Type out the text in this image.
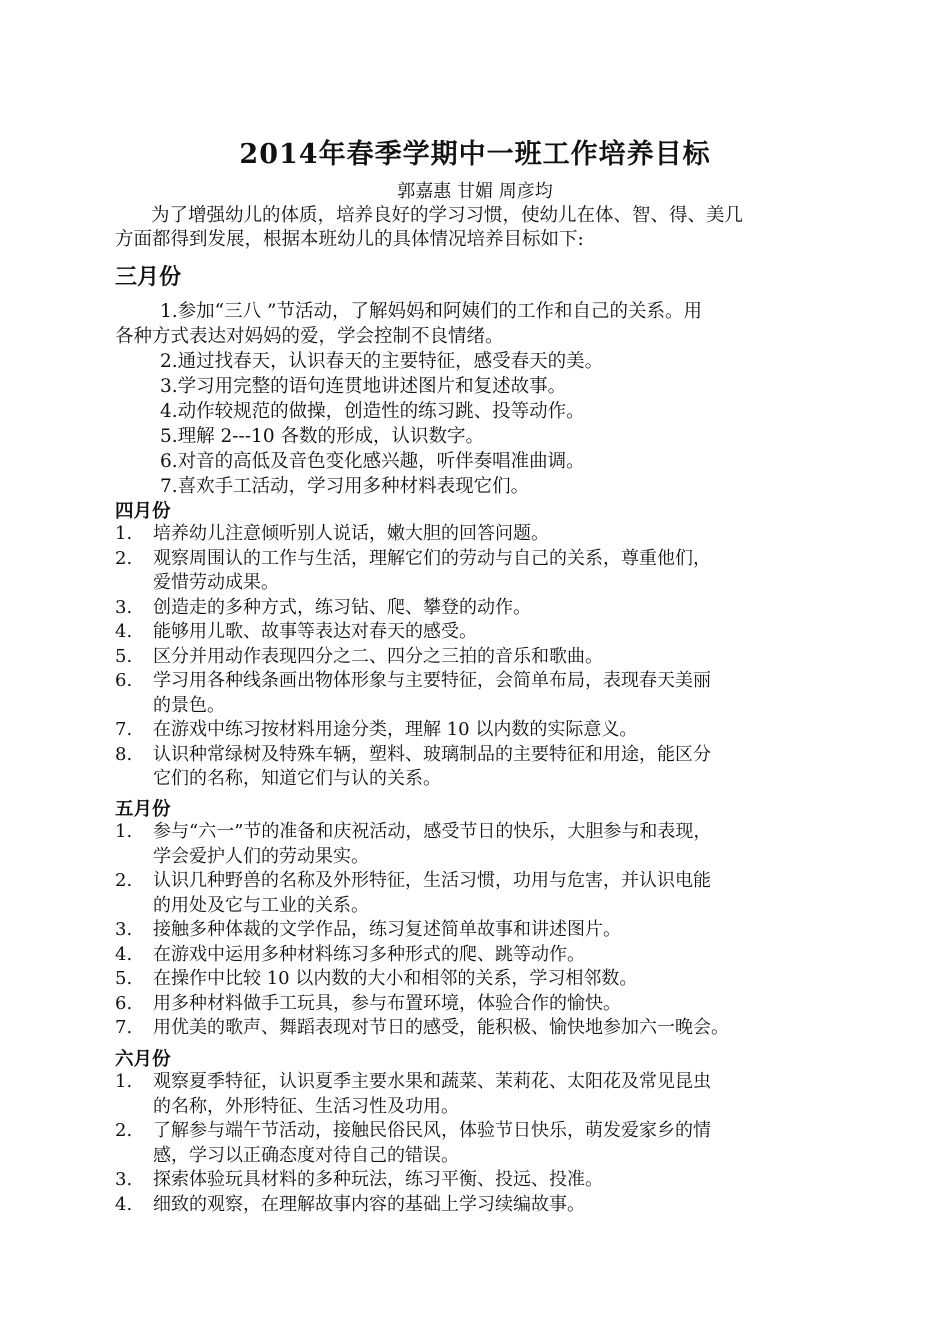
2014年春季学期中一班工作培养目标
郭嘉惠 甘媚 周彦均
为了增强幼儿的体质，培养良好的学习习惯，使幼儿在体、智、得、美几
方面都得到发展，根据本班幼儿的具体情况培养目标如下:
三月份
1.参加“三八 ”节活动，了解妈妈和阿姨们的工作和自己的关系。用
各种方式表达对妈妈的爱，学会控制不良情绪。
2.通过找春天，认识春天的主要特征，感受春天的美。
3.学习用完整的语句连贯地讲述图片和复述故事。
4.动作较规范的做操，创造性的练习跳、投等动作。
5.理解 2---10 各数的形成，认识数字。
6.对音的高低及音色变化感兴趣，听伴奏唱准曲调。
7.喜欢手工活动，学习用多种材料表现它们。
四月份
1.	培养幼儿注意倾听别人说话，嫩大胆的回答问题。
2.	观察周围认的工作与生活，理解它们的劳动与自己的关系，尊重他们，
爱惜劳动成果。
3.	创造走的多种方式，练习钻、爬、攀登的动作。
4.	能够用儿歌、故事等表达对春天的感受。
5.	区分并用动作表现四分之二、四分之三拍的音乐和歌曲。
6.	学习用各种线条画出物体形象与主要特征，会简单布局，表现春天美丽
的景色。
7.	在游戏中练习按材料用途分类，理解 10 以内数的实际意义。
8.	认识种常绿树及特殊车辆，塑料、玻璃制品的主要特征和用途，能区分
它们的名称，知道它们与认的关系。
五月份
1.	参与“六一”节的准备和庆祝活动，感受节日的快乐，大胆参与和表现，
学会爱护人们的劳动果实。
2.	认识几种野兽的名称及外形特征，生活习惯，功用与危害，并认识电能
的用处及它与工业的关系。
3.	接触多种体裁的文学作品，练习复述简单故事和讲述图片。
4.	在游戏中运用多种材料练习多种形式的爬、跳等动作。
5.	在操作中比较 10 以内数的大小和相邻的关系，学习相邻数。
6.	用多种材料做手工玩具，参与布置环境，体验合作的愉快。
7.	用优美的歌声、舞蹈表现对节日的感受，能积极、愉快地参加六一晚会。
六月份
1.	观察夏季特征，认识夏季主要水果和蔬菜、茉莉花、太阳花及常见昆虫
的名称，外形特征、生活习性及功用。
2.	了解参与端午节活动，接触民俗民风，体验节日快乐，萌发爱家乡的情
感，学习以正确态度对待自己的错误。
3.	探索体验玩具材料的多种玩法，练习平衡、投远、投准。
4.	细致的观察，在理解故事内容的基础上学习续编故事。
